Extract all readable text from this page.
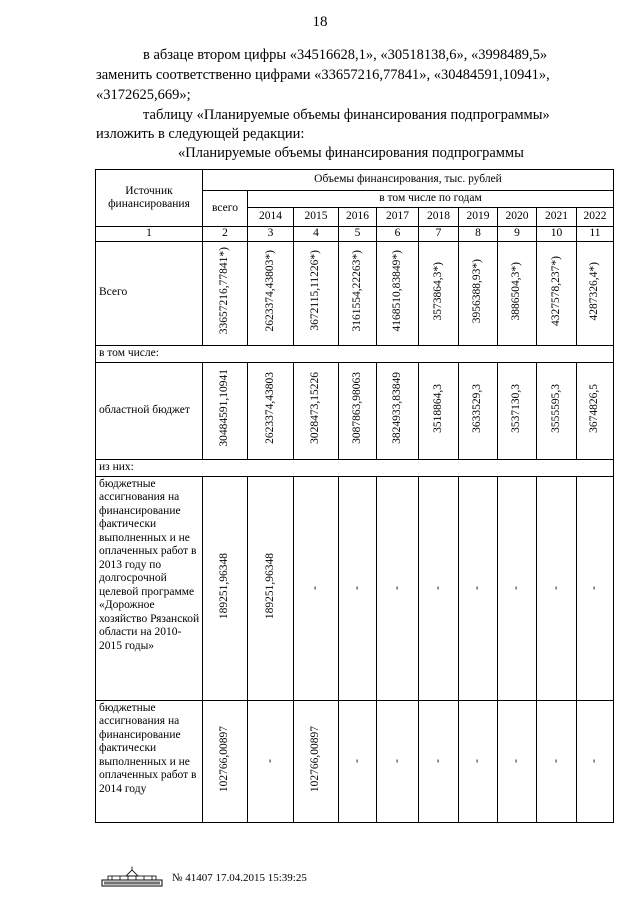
18
в абзаце втором цифры «34516628,1», «30518138,6», «3998489,5»
заменить соответственно цифрами «33657216,77841», «30484591,10941»,
«3172625,669»;
таблицу «Планируемые объемы финансирования подпрограммы»
изложить в следующей редакции:
«Планируемые объемы финансирования подпрограммы
Источник финансирования	Объемы финансирования, тыс. рублей									
	всего	в том числе по годам								
		2014	2015	2016	2017	2018	2019	2020	2021	2022
1	2	3	4	5	6	7	8	9	10	11
Всего	33657216,77841*)	2623374,43803*)	3672115,11226*)	3161554,22263*)	4168510,83849*)	3573864,3*)	3956388,93*)	3886504,3*)	4327578,237*)	4287326,4*)
в том числе:										
областной бюджет	30484591,10941	2623374,43803	3028473,15226	3087863,98063	3824933,83849	3518864,3	3633529,3	3537130,3	3555595,3	3674826,5
из них:										
бюджетные ассигнования на финансирование фактически выполненных и не оплаченных работ в 2013 году по долгосрочной целевой программе «Дорожное хозяйство Рязанской области на 2010-2015 годы»	189251,96348	189251,96348	-	-	-	-	-	-	-	-
бюджетные ассигнования на финансирование фактически выполненных и не оплаченных работ в 2014 году	102766,00897	-	102766,00897	-	-	-	-	-	-	-
№ 41407 17.04.2015 15:39:25
